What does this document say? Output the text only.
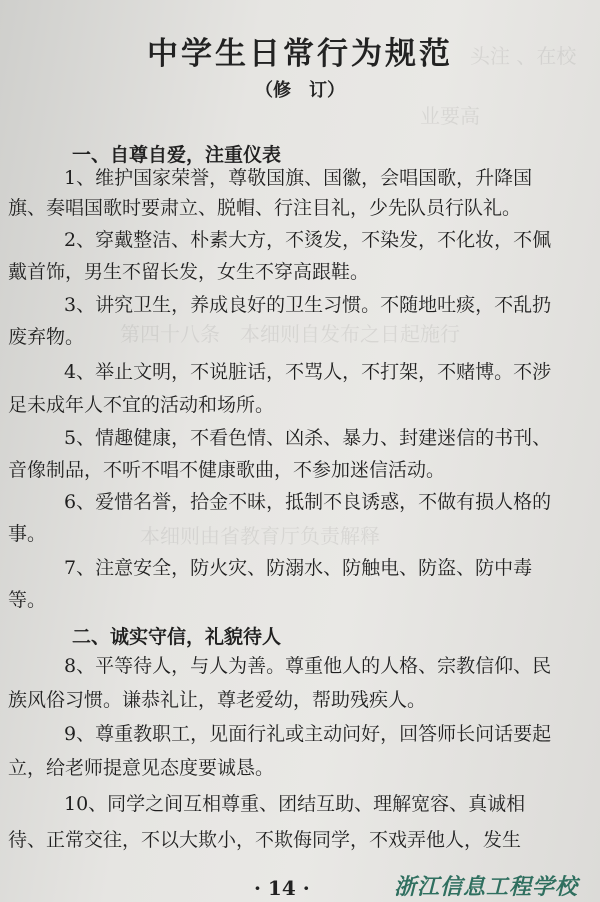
头注 、在校
业要高
第四十八条　本细则自发布之日起施行
本细则由省教育厅负责解释
中学生日常行为规范
（修　订）
一、自尊自爱，注重仪表
1、维护国家荣誉，尊敬国旗、国徽，会唱国歌，升降国
旗、奏唱国歌时要肃立、脱帽、行注目礼，少先队员行队礼。
2、穿戴整洁、朴素大方，不烫发，不染发，不化妆，不佩
戴首饰，男生不留长发，女生不穿高跟鞋。
3、讲究卫生，养成良好的卫生习惯。不随地吐痰，不乱扔
废弃物。
4、举止文明，不说脏话，不骂人，不打架，不赌博。不涉
足未成年人不宜的活动和场所。
5、情趣健康，不看色情、凶杀、暴力、封建迷信的书刊、
音像制品，不听不唱不健康歌曲，不参加迷信活动。
6、爱惜名誉，拾金不昧，抵制不良诱惑，不做有损人格的
事。
7、注意安全，防火灾、防溺水、防触电、防盗、防中毒
等。
二、诚实守信，礼貌待人
8、平等待人，与人为善。尊重他人的人格、宗教信仰、民
族风俗习惯。谦恭礼让，尊老爱幼，帮助残疾人。
9、尊重教职工，见面行礼或主动问好，回答师长问话要起
立，给老师提意见态度要诚恳。
10、同学之间互相尊重、团结互助、理解宽容、真诚相
待、正常交往，不以大欺小，不欺侮同学，不戏弄他人，发生
· 14 ·	浙江信息工程学校
